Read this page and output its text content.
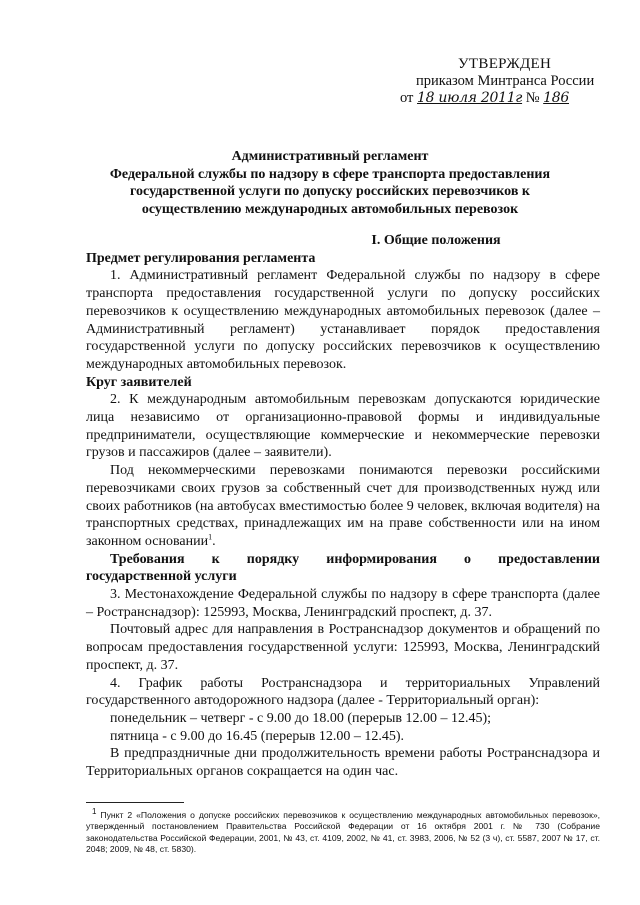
УТВЕРЖДЕН
приказом Минтранса России
от 18 июля 2011г № 186
Административный регламент
Федеральной службы по надзору в сфере транспорта предоставления
государственной услуги по допуску российских перевозчиков к
осуществлению международных автомобильных перевозок
I. Общие положения
Предмет регулирования регламента

1. Административный регламент Федеральной службы по надзору в сфере транспорта предоставления государственной услуги по допуску российских перевозчиков к осуществлению международных автомобильных перевозок (далее – Административный регламент) устанавливает порядок предоставления государственной услуги по допуску российских перевозчиков к осуществлению международных автомобильных перевозок.

Круг заявителей

2. К международным автомобильным перевозкам допускаются юридические лица независимо от организационно-правовой формы и индивидуальные предприниматели, осуществляющие коммерческие и некоммерческие перевозки грузов и пассажиров (далее – заявители).

Под некоммерческими перевозками понимаются перевозки российскими перевозчиками своих грузов за собственный счет для производственных нужд или своих работников (на автобусах вместимостью более 9 человек, включая водителя) на транспортных средствах, принадлежащих им на праве собственности или на ином законном основании$^1$.

Требования к порядку информирования о предоставлении
государственной услуги

3. Местонахождение Федеральной службы по надзору в сфере транспорта (далее – Ространснадзор): 125993, Москва, Ленинградский проспект, д. 37.

Почтовый адрес для направления в Ространснадзор документов и обращений по вопросам предоставления государственной услуги: 125993, Москва, Ленинградский проспект, д. 37.

4. График работы Ространснадзора и территориальных Управлений государственного автодорожного надзора (далее - Территориальный орган):

понедельник – четверг - с 9.00 до 18.00 (перерыв 12.00 – 12.45);
пятница - с 9.00 до 16.45 (перерыв 12.00 – 12.45).

В предпраздничные дни продолжительность времени работы Ространснадзора и Территориальных органов сокращается на один час.

$^1$ Пункт 2 «Положения о допуске российских перевозчиков к осуществлению международных автомобильных перевозок», утвержденный постановлением Правительства Российской Федерации от 16 октября 2001 г. № 730 (Собрание законодательства Российской Федерации, 2001, № 43, ст. 4109, 2002, № 41, ст. 3983, 2006, № 52 (3 ч), ст. 5587, 2007 № 17, ст. 2048; 2009, № 48, ст. 5830).
